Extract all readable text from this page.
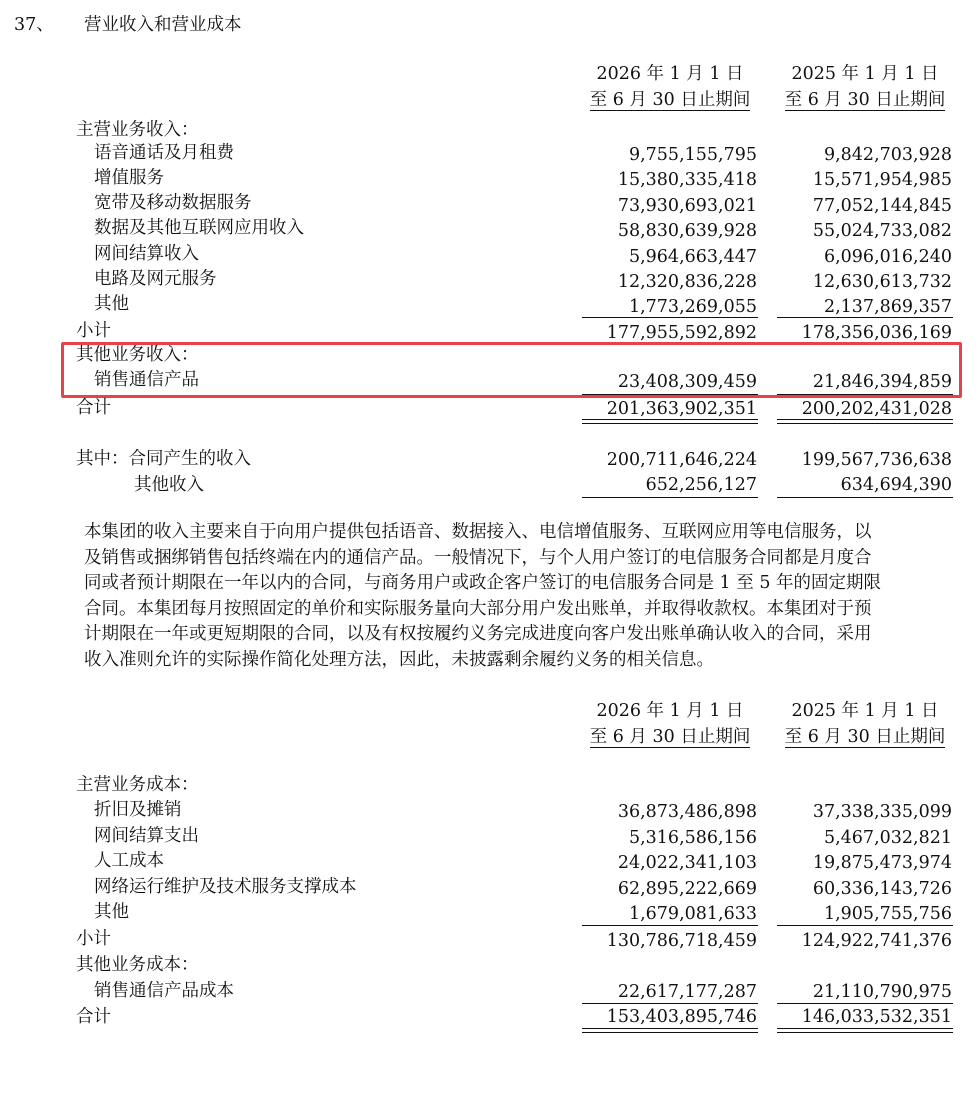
37、 营业收入和营业成本
2026 年 1 月 1 日
至 6 月 30 日止期间
2025 年 1 月 1 日
至 6 月 30 日止期间
主营业务收入：
语音通话及月租费	9,755,155,795	9,842,703,928
增值服务	15,380,335,418	15,571,954,985
宽带及移动数据服务	73,930,693,021	77,052,144,845
数据及其他互联网应用收入	58,830,639,928	55,024,733,082
网间结算收入	5,964,663,447	6,096,016,240
电路及网元服务	12,320,836,228	12,630,613,732
其他	1,773,269,055	2,137,869,357
小计	177,955,592,892	178,356,036,169
其他业务收入：
销售通信产品	23,408,309,459	21,846,394,859
合计	201,363,902,351	200,202,431,028
其中：合同产生的收入	200,711,646,224	199,567,736,638
其他收入	652,256,127	634,694,390
本集团的收入主要来自于向用户提供包括语音、数据接入、电信增值服务、互联网应用等电信服务，以
及销售或捆绑销售包括终端在内的通信产品。一般情况下，与个人用户签订的电信服务合同都是月度合
同或者预计期限在一年以内的合同，与商务用户或政企客户签订的电信服务合同是 1 至 5 年的固定期限
合同。本集团每月按照固定的单价和实际服务量向大部分用户发出账单，并取得收款权。本集团对于预
计期限在一年或更短期限的合同，以及有权按履约义务完成进度向客户发出账单确认收入的合同，采用
收入准则允许的实际操作简化处理方法，因此，未披露剩余履约义务的相关信息。
2026 年 1 月 1 日
至 6 月 30 日止期间
2025 年 1 月 1 日
至 6 月 30 日止期间
主营业务成本：
折旧及摊销	36,873,486,898	37,338,335,099
网间结算支出	5,316,586,156	5,467,032,821
人工成本	24,022,341,103	19,875,473,974
网络运行维护及技术服务支撑成本	62,895,222,669	60,336,143,726
其他	1,679,081,633	1,905,755,756
小计	130,786,718,459	124,922,741,376
其他业务成本：
销售通信产品成本	22,617,177,287	21,110,790,975
合计	153,403,895,746	146,033,532,351
